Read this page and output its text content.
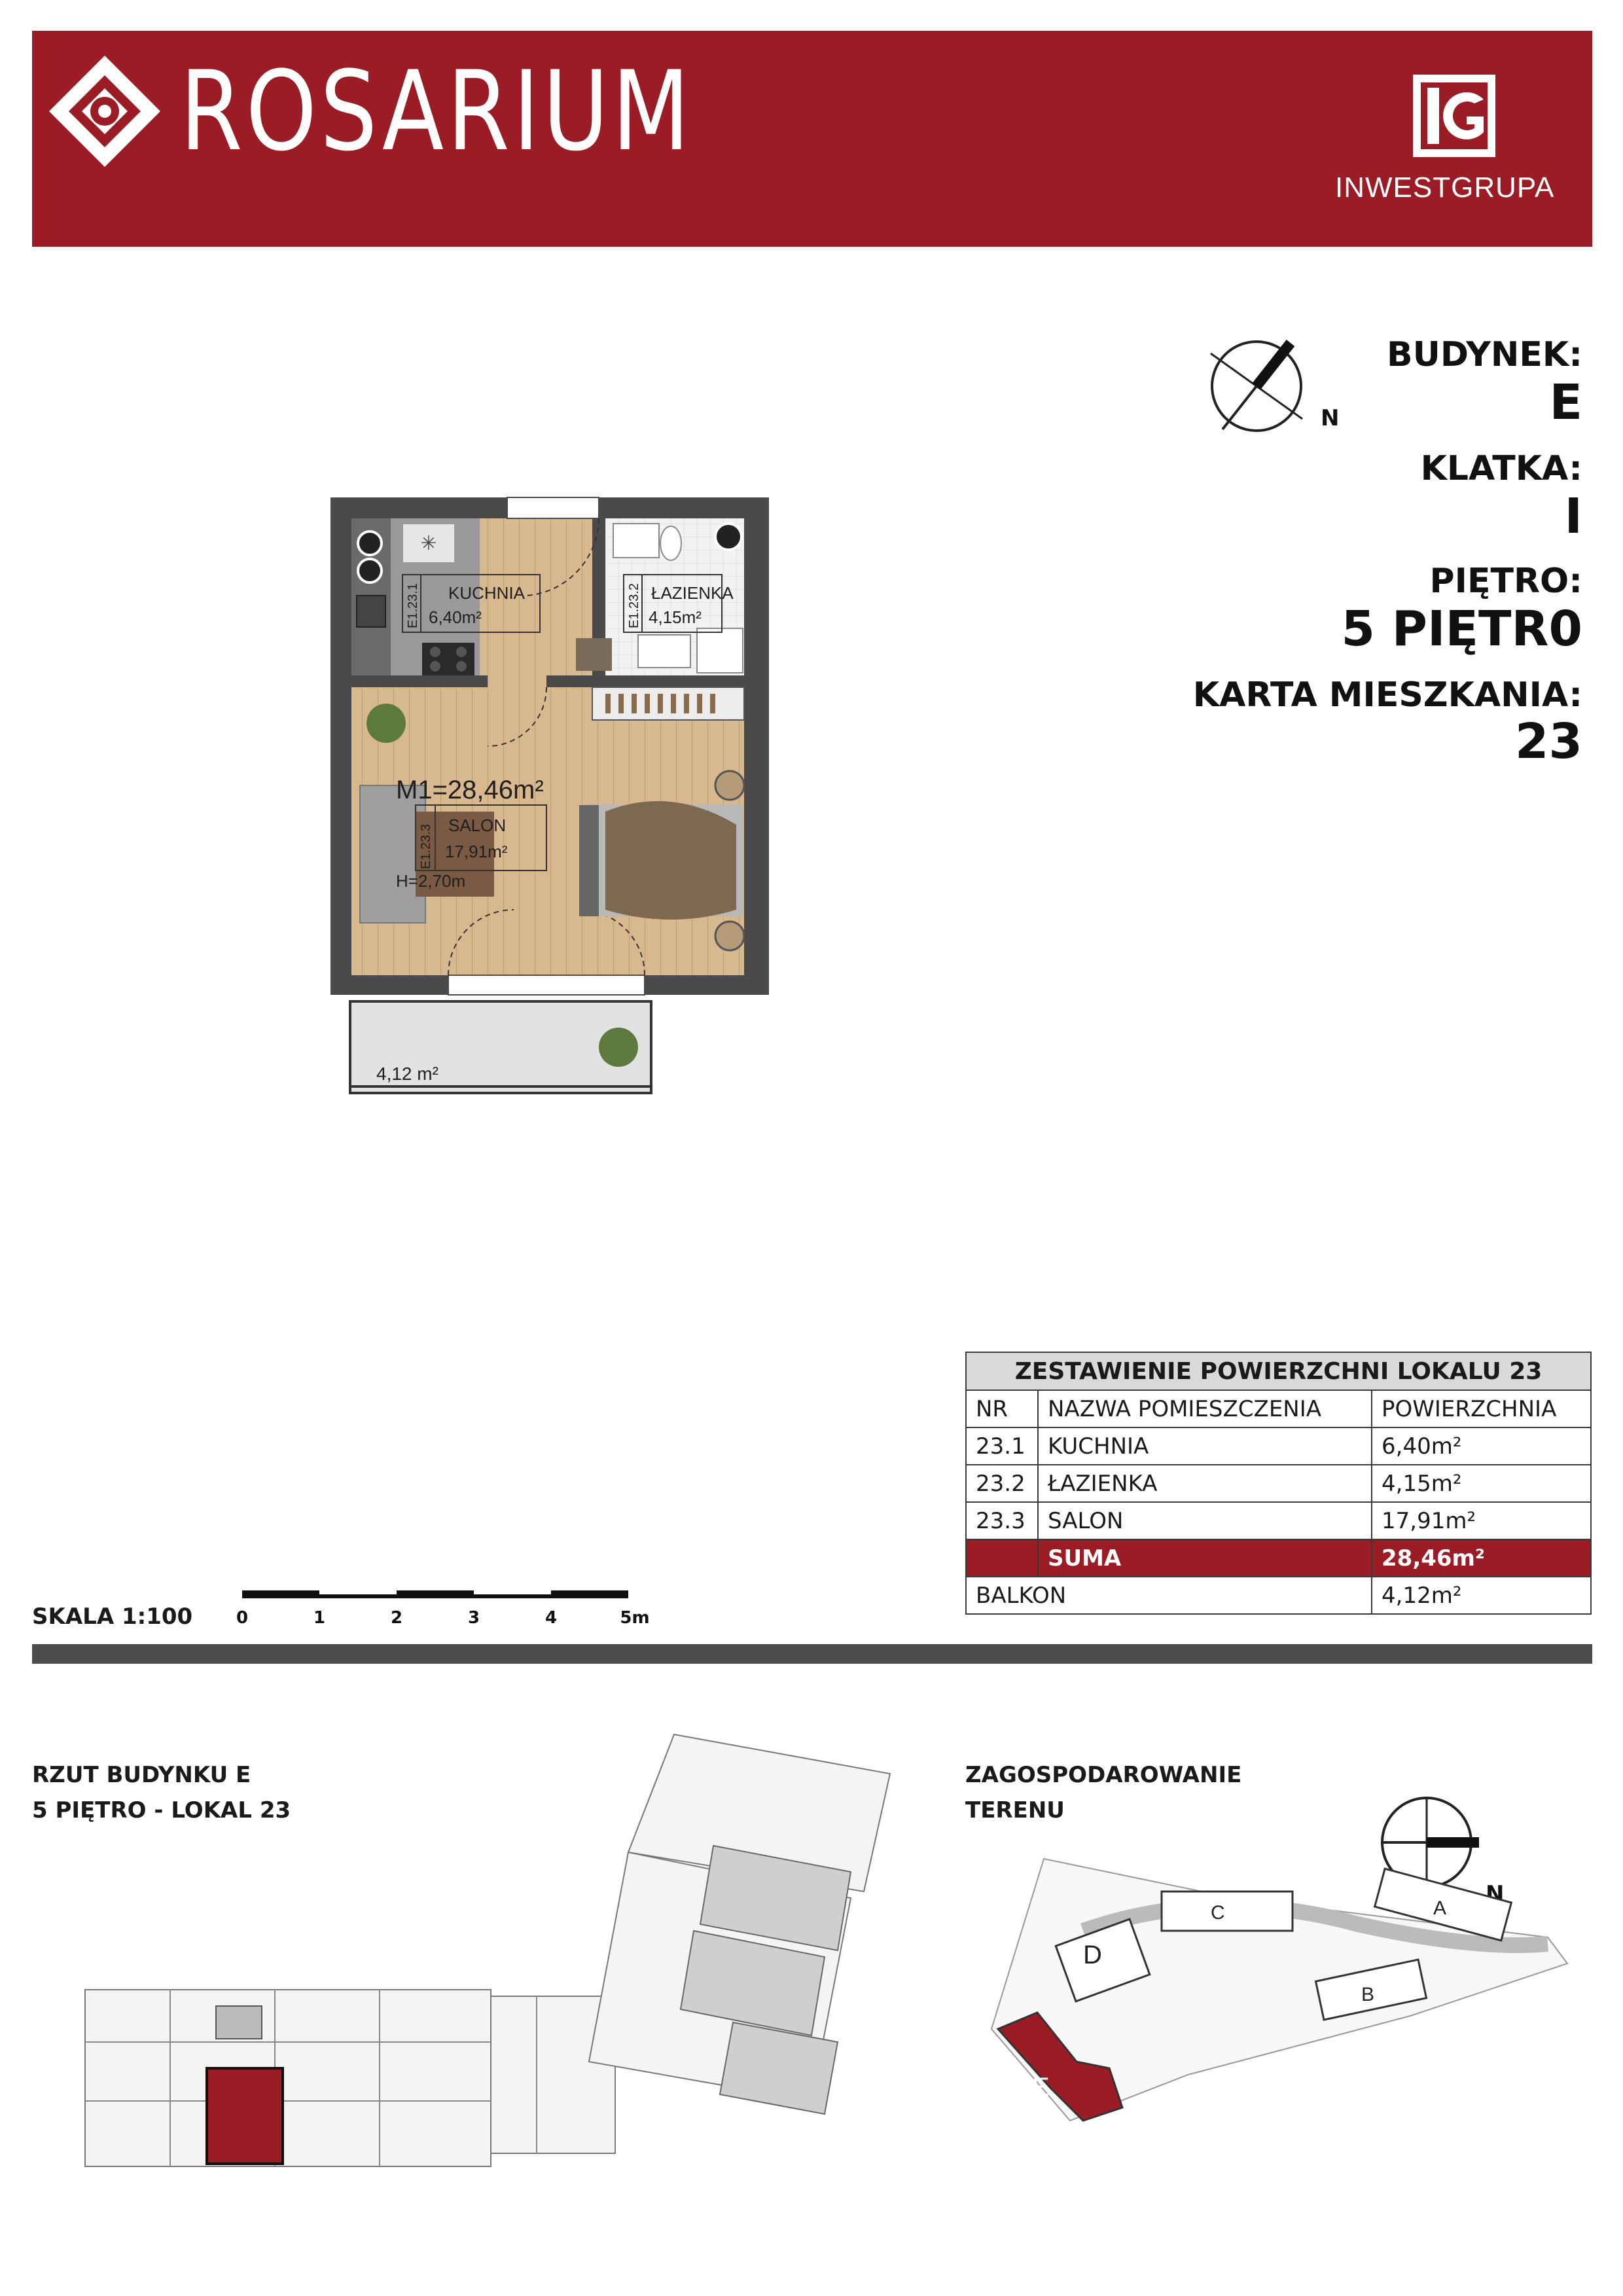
ROSARIUM
INWESTGRUPA
N
BUDYNEK:
E
KLATKA:
I
PIĘTRO:
5 PIĘTR0
KARTA MIESZKANIA:
23
✳
E1.23.1 KUCHNIA
6,40m²	E1.23.2 ŁAZIENKA
4,15m²
M1=28,46m²
E1.23.3 SALON
17,91m²
H=2,70m
4,12 m²
ZESTAWIENIE POWIERZCHNI LOKALU 23		
NR	NAZWA POMIESZCZENIA	POWIERZCHNIA
23.1	KUCHNIA	6,40m²
23.2	ŁAZIENKA	4,15m²
23.3	SALON	17,91m²
	SUMA	28,46m²
BALKON		4,12m²
SKALA 1:100	0	1	2	3	4	5m
RZUT BUDYNKU E
5 PIĘTRO - LOKAL 23
ZAGOSPODAROWANIE
TERENU
N
C	A
B
D
E
